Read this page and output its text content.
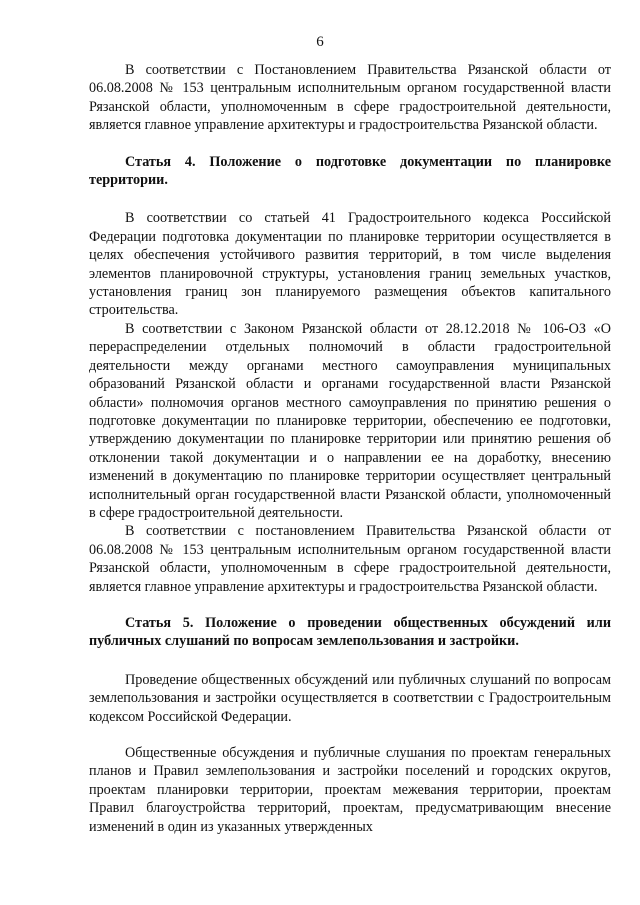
6

В соответствии с Постановлением Правительства Рязанской области от 06.08.2008 № 153 центральным исполнительным органом государственной власти Рязанской области, уполномоченным в сфере градостроительной деятельности, является главное управление архитектуры и градостроительства Рязанской области.

Статья 4. Положение о подготовке документации по планировке территории.

В соответствии со статьей 41 Градостроительного кодекса Российской Федерации подготовка документации по планировке территории осуществляется в целях обеспечения устойчивого развития территорий, в том числе выделения элементов планировочной структуры, установления границ земельных участков, установления границ зон планируемого размещения объектов капитального строительства.

В соответствии с Законом Рязанской области от 28.12.2018 № 106-ОЗ «О перераспределении отдельных полномочий в области градостроительной деятельности между органами местного самоуправления муниципальных образований Рязанской области и органами государственной власти Рязанской области» полномочия органов местного самоуправления по принятию решения о подготовке документации по планировке территории, обеспечению ее подготовки, утверждению документации по планировке территории или принятию решения об отклонении такой документации и о направлении ее на доработку, внесению изменений в документацию по планировке территории осуществляет центральный исполнительный орган государственной власти Рязанской области, уполномоченный в сфере градостроительной деятельности.

В соответствии с постановлением Правительства Рязанской области от 06.08.2008 № 153 центральным исполнительным органом государственной власти Рязанской области, уполномоченным в сфере градостроительной деятельности, является главное управление архитектуры и градостроительства Рязанской области.

Статья 5. Положение о проведении общественных обсуждений или публичных слушаний по вопросам землепользования и застройки.

Проведение общественных обсуждений или публичных слушаний по вопросам землепользования и застройки осуществляется в соответствии с Градостроительным кодексом Российской Федерации.

Общественные обсуждения и публичные слушания по проектам генеральных планов и Правил землепользования и застройки поселений и городских округов, проектам планировки территории, проектам межевания территории, проектам Правил благоустройства территорий, проектам, предусматривающим внесение изменений в один из указанных утвержденных
